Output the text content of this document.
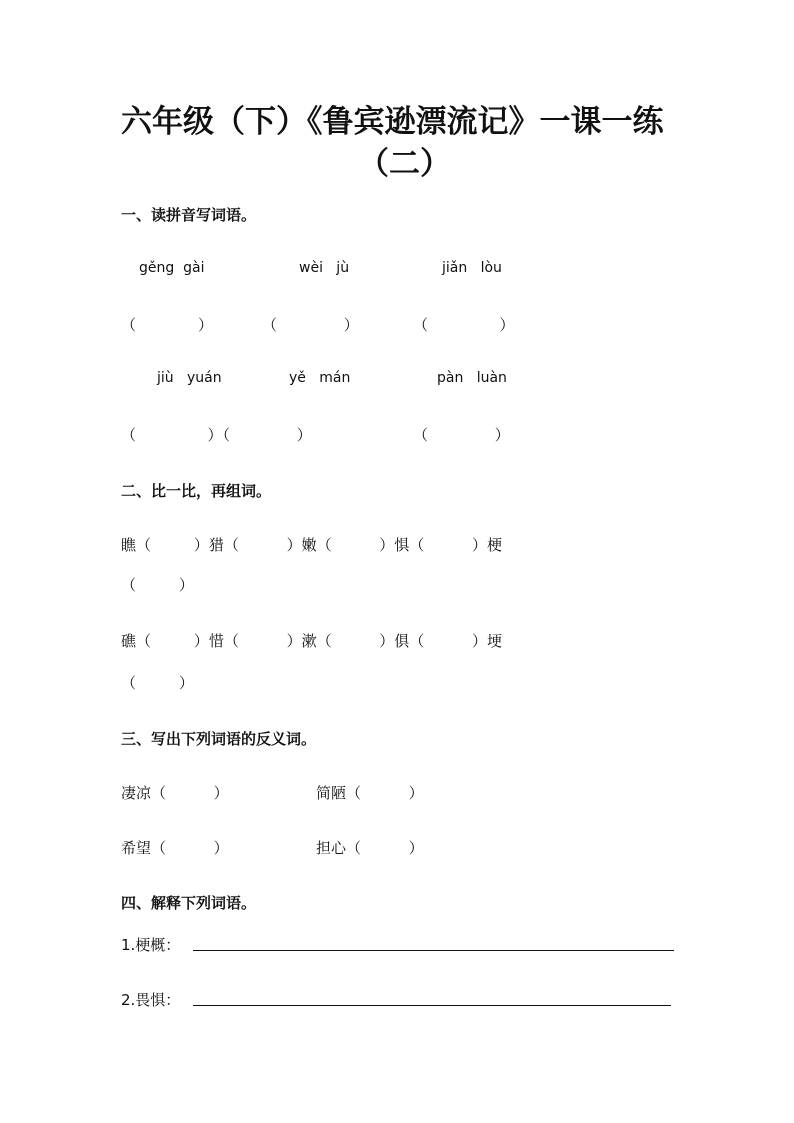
六年级（下）《鲁宾逊漂流记》一课一练
（二）
一、读拼音写词语。
gěng  gài	wèi   jù	jiǎn   lòu
（             ）	（              ）	（               ）
jiù   yuán	yě   mán	pàn   luàn
（               ）（              ）	（              ）
二、比一比，再组词。
瞧（         ）猎（          ）嫩（          ）惧（          ）梗
（         ）
礁（         ）惜（          ）漱（          ）俱（          ）埂
（         ）
三、写出下列词语的反义词。
凄凉（          ）	简陋（          ）
希望（          ）	担心（          ）
四、解释下列词语。
1.梗概：
2.畏惧：
